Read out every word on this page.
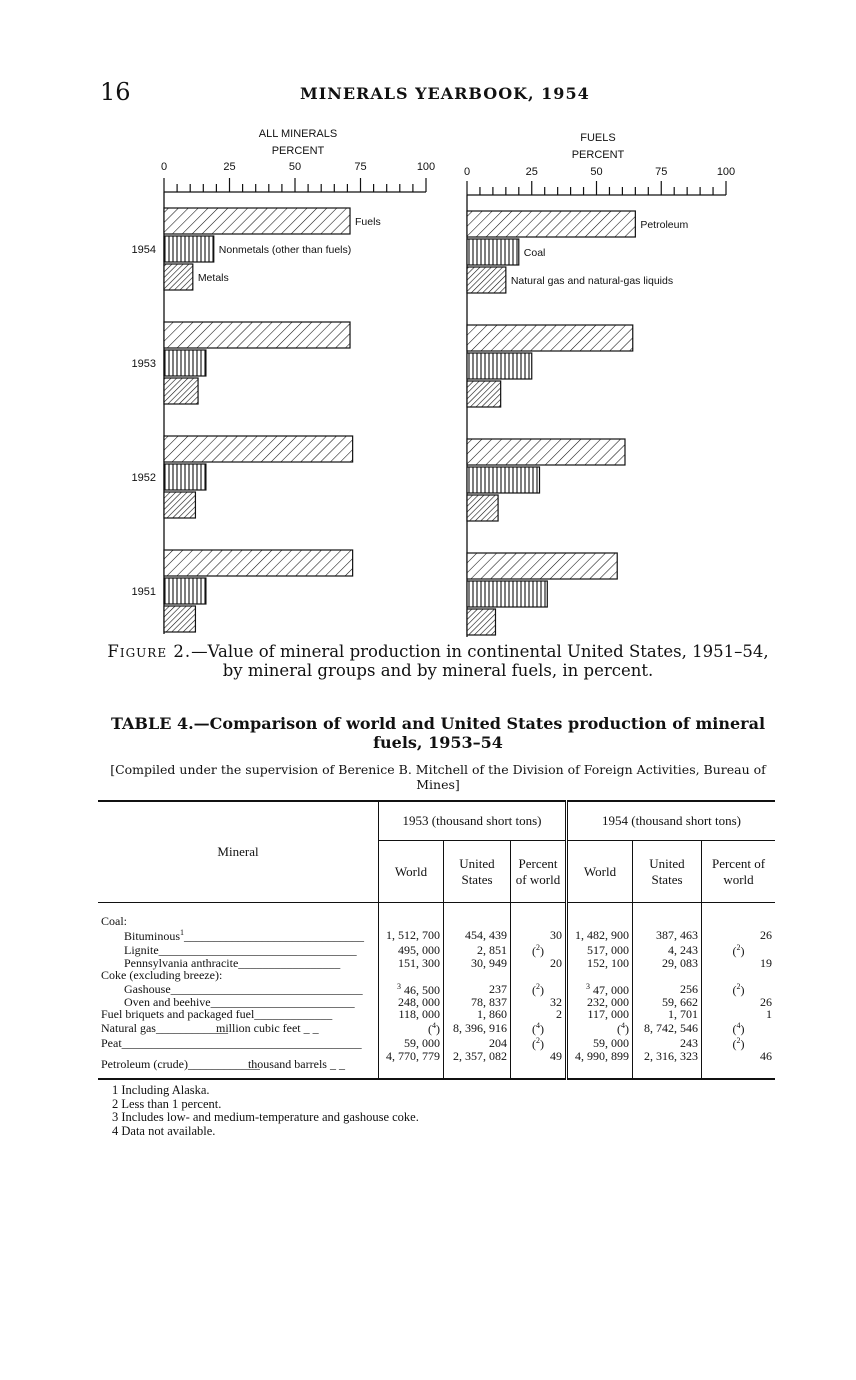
16	MINERALS YEARBOOK, 1954
ALL MINERALS
PERCENT
FUELS
PERCENT
0	25	50	75	100	0	25	50	75	100
Fuels
Nonmetals (other than fuels)
Metals
1954
1953
1952
1951
Petroleum
Coal
Natural gas and natural-gas liquids
Figure 2.—Value of mineral production in continental United States, 1951–54, by mineral groups and by mineral fuels, in percent.
TABLE 4.—Comparison of world and United States production of mineral fuels, 1953–54
[Compiled under the supervision of Berenice B. Mitchell of the Division of Foreign Activities, Bureau of Mines]
Mineral	1953 (thousand short tons)			1954 (thousand short tons)		
	World	United States	Percent of world	World	United States	Percent of world
Coal:						
Bituminous$^1$______________________________	1, 512, 700	454, 439	30	1, 482, 900	387, 463	26
Lignite_________________________________	495, 000	2, 851	($^2$)	517, 000	4, 243	($^2$)
Pennsylvania anthracite_________________	151, 300	30, 949	20	152, 100	29, 083	19
Coke (excluding breeze):						
Gashouse________________________________	$^3$ 46, 500	237	($^2$)	$^3$ 47, 000	256	($^2$)
Oven and beehive________________________	248, 000	78, 837	32	232, 000	59, 662	26
Fuel briquets and packaged fuel_____________	118, 000	1, 860	2	117, 000	1, 701	1
Natural gas____________million cubic feet _ _	($^4$)	8, 396, 916	($^4$)	($^4$)	8, 742, 546	($^4$)
Peat________________________________________	59, 000	204	($^2$)	59, 000	243	($^2$)
Petroleum (crude)____________thousand barrels _ _	4, 770, 779	2, 357, 082	49	4, 990, 899	2, 316, 323	46
1 Including Alaska.
2 Less than 1 percent.
3 Includes low- and medium-temperature and gashouse coke.
4 Data not available.
